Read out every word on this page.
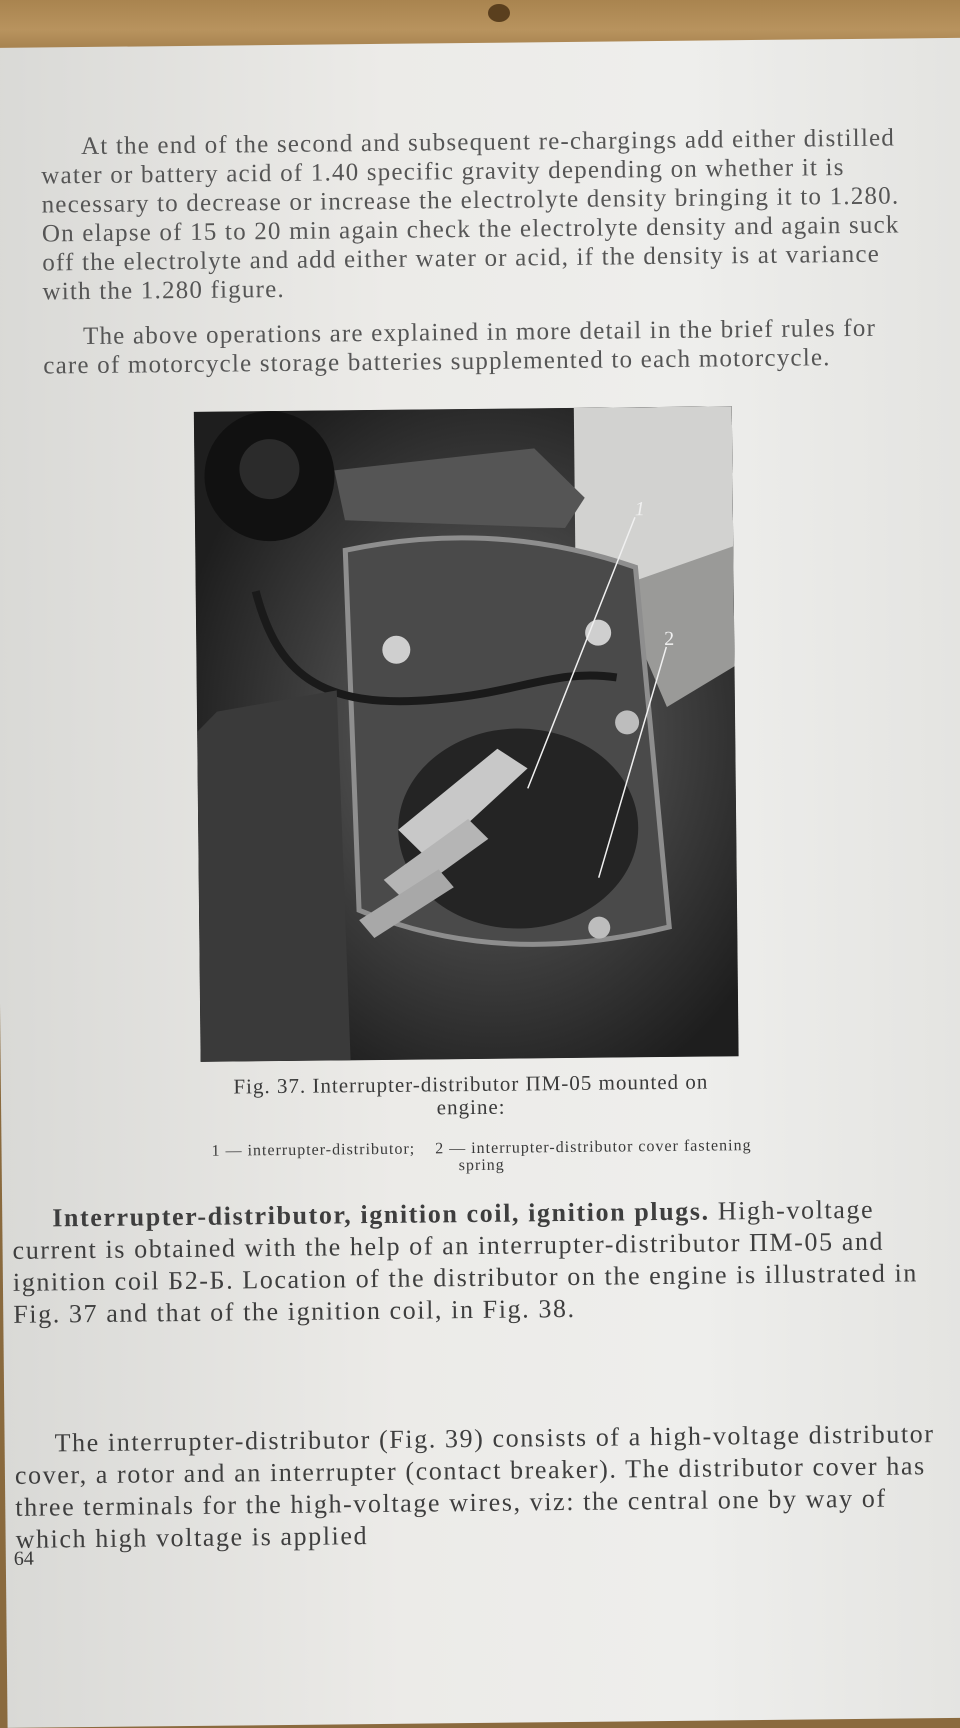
At the end of the second and subsequent re-chargings add either distilled water or battery acid of 1.40 specific gravity depending on whether it is necessary to decrease or increase the electrolyte density bringing it to 1.280. On elapse of 15 to 20 min again check the electrolyte density and again suck off the electrolyte and add either water or acid, if the density is at variance with the 1.280 figure.
The above operations are explained in more detail in the brief rules for care of motorcycle storage batteries supplemented to each motorcycle.
1
2
Fig. 37. Interrupter-distributor ПМ-05 mounted on engine:
1 — interrupter-distributor; 2 — interrupter-distributor cover fastening spring
Interrupter-distributor, ignition coil, ignition plugs. High-voltage current is obtained with the help of an interrupter-distributor ПМ-05 and ignition coil Б2-Б. Location of the distributor on the engine is illustrated in Fig. 37 and that of the ignition coil, in Fig. 38.
The interrupter-distributor (Fig. 39) consists of a high-voltage distributor cover, a rotor and an interrupter (contact breaker). The distributor cover has three terminals for the high-voltage wires, viz: the central one by way of which high voltage is applied
64
